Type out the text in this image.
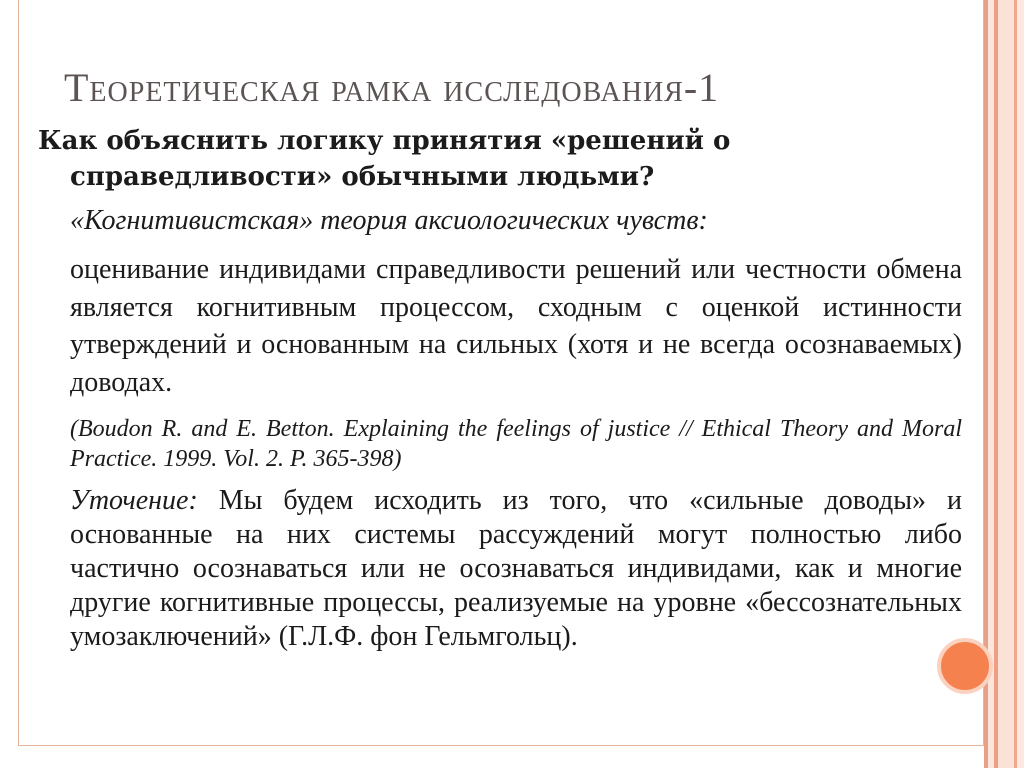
Теоретическая рамка исследования-1

Как объяснить логику принятия «решений о справедливости» обычными людьми?

«Когнитивистская» теория аксиологических чувств:

оценивание индивидами справедливости решений или честности обмена является когнитивным процессом, сходным с оценкой истинности утверждений и основанным на сильных (хотя и не всегда осознаваемых) доводах.

(Boudon R. and E. Betton. Explaining the feelings of justice // Ethical Theory and Moral Practice. 1999. Vol. 2. P. 365-398)

Уточение: Мы будем исходить из того, что «сильные доводы» и основанные на них системы рассуждений могут полностью либо частично осознаваться или не осознаваться индивидами, как и многие другие когнитивные процессы, реализуемые на уровне «бессознательных умозаключений» (Г.Л.Ф. фон Гельмгольц).
